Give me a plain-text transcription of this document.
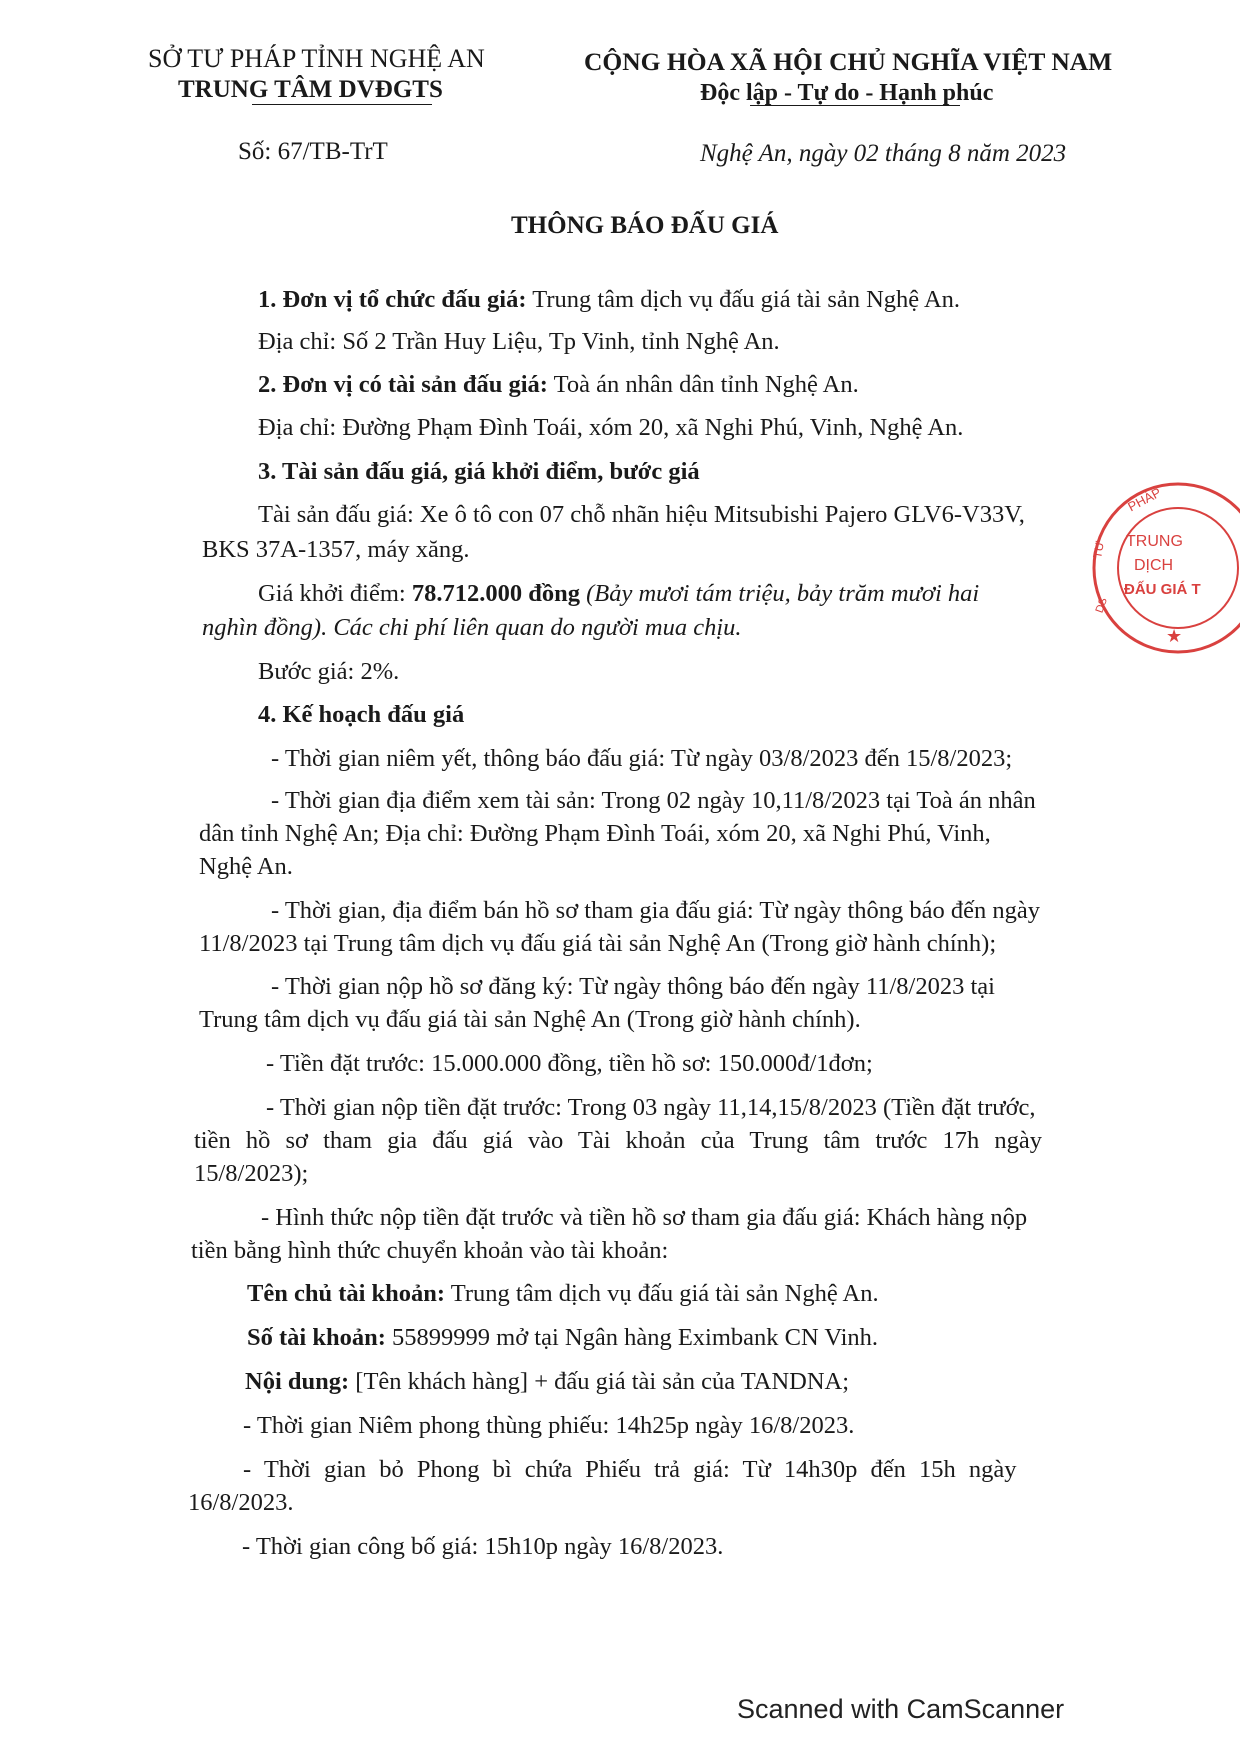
SỞ TƯ PHÁP TỈNH NGHỆ AN
TRUNG TÂM DVĐGTS
CỘNG HÒA XÃ HỘI CHỦ NGHĨA VIỆT NAM
Độc lập - Tự do - Hạnh phúc
Số: 67/TB-TrT	Nghệ An, ngày 02 tháng 8 năm 2023
THÔNG BÁO ĐẤU GIÁ
1. Đơn vị tổ chức đấu giá: Trung tâm dịch vụ đấu giá tài sản Nghệ An.
Địa chỉ: Số 2 Trần Huy Liệu, Tp Vinh, tỉnh Nghệ An.
2. Đơn vị có tài sản đấu giá: Toà án nhân dân tỉnh Nghệ An.
Địa chỉ: Đường Phạm Đình Toái, xóm 20, xã Nghi Phú, Vinh, Nghệ An.
3. Tài sản đấu giá, giá khởi điểm, bước giá
Tài sản đấu giá: Xe ô tô con 07 chỗ nhãn hiệu Mitsubishi Pajero GLV6-V33V,
BKS 37A-1357, máy xăng.
Giá khởi điểm: 78.712.000 đồng (Bảy mươi tám triệu, bảy trăm mươi hai
nghìn đồng). Các chi phí liên quan do người mua chịu.
Bước giá: 2%.
4. Kế hoạch đấu giá
- Thời gian niêm yết, thông báo đấu giá: Từ ngày 03/8/2023 đến 15/8/2023;
- Thời gian địa điểm xem tài sản: Trong 02 ngày 10,11/8/2023 tại Toà án nhân
dân tỉnh Nghệ An; Địa chỉ: Đường Phạm Đình Toái, xóm 20, xã Nghi Phú, Vinh,
Nghệ An.
- Thời gian, địa điểm bán hồ sơ tham gia đấu giá: Từ ngày thông báo đến ngày
11/8/2023 tại Trung tâm dịch vụ đấu giá tài sản Nghệ An (Trong giờ hành chính);
- Thời gian nộp hồ sơ đăng ký: Từ ngày thông báo đến ngày 11/8/2023 tại
Trung tâm dịch vụ đấu giá tài sản Nghệ An (Trong giờ hành chính).
- Tiền đặt trước: 15.000.000 đồng, tiền hồ sơ: 150.000đ/1đơn;
- Thời gian nộp tiền đặt trước: Trong 03 ngày 11,14,15/8/2023 (Tiền đặt trước,
tiền hồ sơ tham gia đấu giá vào Tài khoản của Trung tâm trước 17h ngày
15/8/2023);
- Hình thức nộp tiền đặt trước và tiền hồ sơ tham gia đấu giá: Khách hàng nộp
tiền bằng hình thức chuyển khoản vào tài khoản:
Tên chủ tài khoản: Trung tâm dịch vụ đấu giá tài sản Nghệ An.
Số tài khoản: 55899999 mở tại Ngân hàng Eximbank CN Vinh.
Nội dung: [Tên khách hàng] + đấu giá tài sản của TANDNA;
- Thời gian Niêm phong thùng phiếu: 14h25p ngày 16/8/2023.
- Thời gian bỏ Phong bì chứa Phiếu trả giá: Từ 14h30p đến 15h ngày
16/8/2023.
- Thời gian công bố giá: 15h10p ngày 16/8/2023.
PHÁP
TƯ TRUNG
DỊCH
ĐẤU GIÁ T
DS
★
Scanned with CamScanner
